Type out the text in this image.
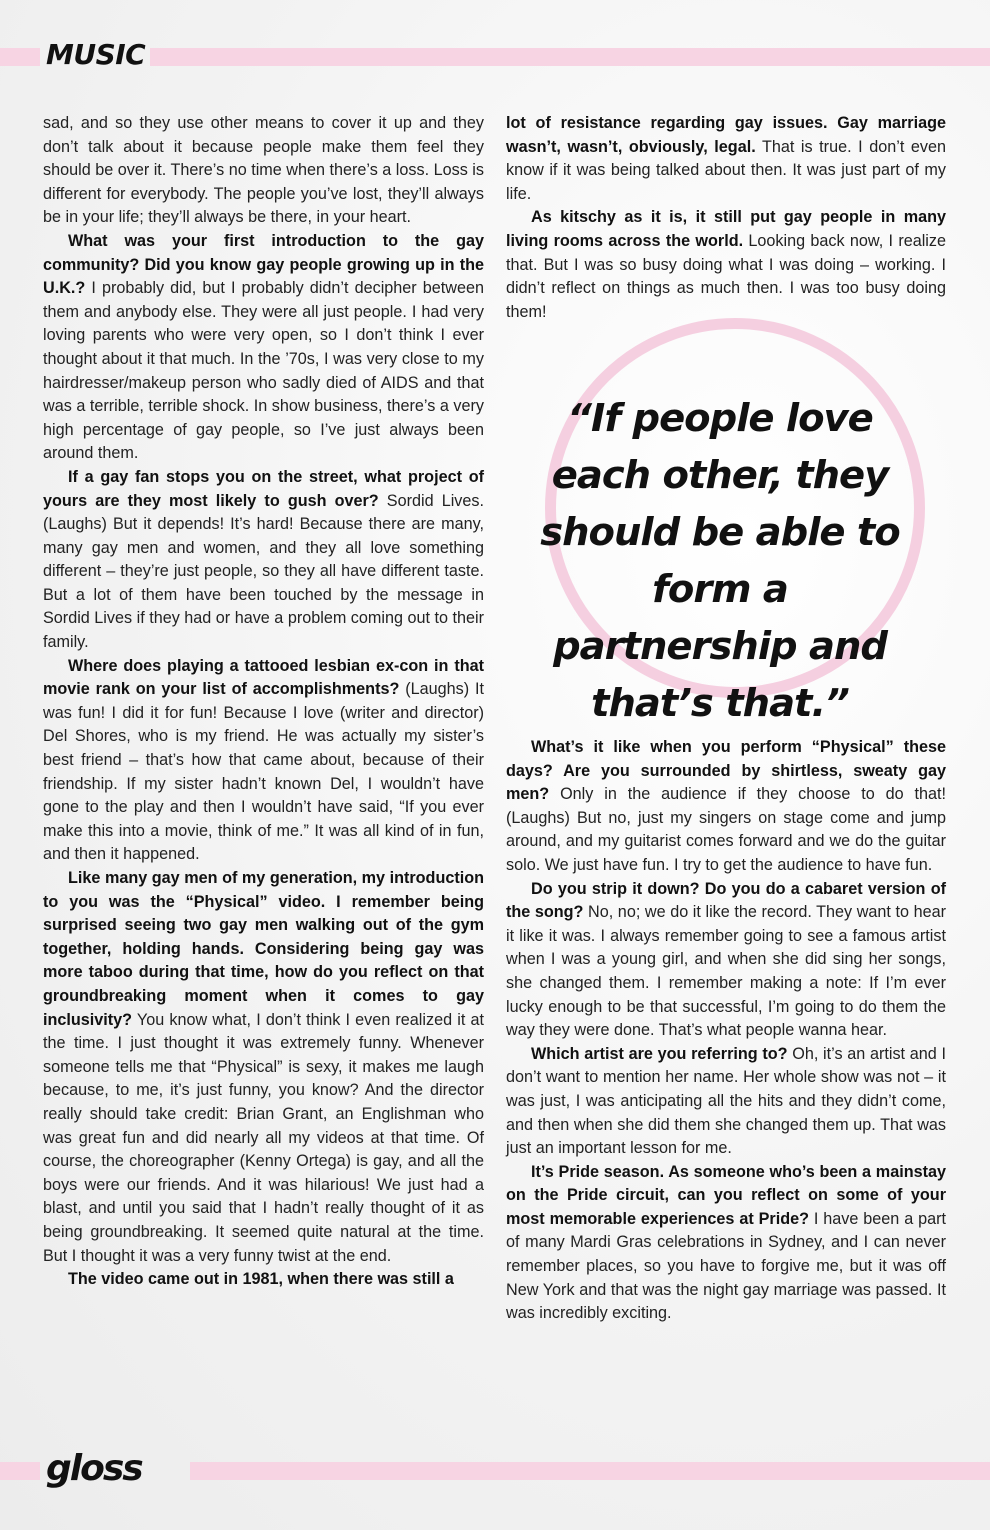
MUSIC

sad, and so they use other means to cover it up and they don’t talk about it because people make them feel they should be over it. There’s no time when there’s a loss. Loss is different for everybody. The people you’ve lost, they’ll always be in your life; they’ll always be there, in your heart.

What was your first introduction to the gay community? Did you know gay people growing up in the U.K.? I probably did, but I probably didn’t decipher between them and anybody else. They were all just people. I had very loving parents who were very open, so I don’t think I ever thought about it that much. In the ’70s, I was very close to my hairdresser/makeup person who sadly died of AIDS and that was a terrible, terrible shock. In show business, there’s a very high percentage of gay people, so I’ve just always been around them.

If a gay fan stops you on the street, what project of yours are they most likely to gush over? Sordid Lives. (Laughs) But it depends! It’s hard! Because there are many, many gay men and women, and they all love something different – they’re just people, so they all have different taste. But a lot of them have been touched by the message in Sordid Lives if they had or have a problem coming out to their family.

Where does playing a tattooed lesbian ex-con in that movie rank on your list of accomplishments? (Laughs) It was fun! I did it for fun! Because I love (writer and director) Del Shores, who is my friend. He was actually my sister’s best friend – that’s how that came about, because of their friendship. If my sister hadn’t known Del, I wouldn’t have gone to the play and then I wouldn’t have said, “If you ever make this into a movie, think of me.” It was all kind of in fun, and then it happened.

Like many gay men of my generation, my introduction to you was the “Physical” video. I remember being surprised seeing two gay men walking out of the gym together, holding hands. Considering being gay was more taboo during that time, how do you reflect on that groundbreaking moment when it comes to gay inclusivity? You know what, I don’t think I even realized it at the time. I just thought it was extremely funny. Whenever someone tells me that “Physical” is sexy, it makes me laugh because, to me, it’s just funny, you know? And the director really should take credit: Brian Grant, an Englishman who was great fun and did nearly all my videos at that time. Of course, the choreographer (Kenny Ortega) is gay, and all the boys were our friends. And it was hilarious! We just had a blast, and until you said that I hadn’t really thought of it as being groundbreaking. It seemed quite natural at the time. But I thought it was a very funny twist at the end.

The video came out in 1981, when there was still a

lot of resistance regarding gay issues. Gay marriage wasn’t, wasn’t, obviously, legal. That is true. I don’t even know if it was being talked about then. It was just part of my life.

As kitschy as it is, it still put gay people in many living rooms across the world. Looking back now, I realize that. But I was so busy doing what I was doing – working. I didn’t reflect on things as much then. I was too busy doing them!

“If people love each other, they should be able to form a partnership and that’s that.”

What’s it like when you perform “Physical” these days? Are you surrounded by shirtless, sweaty gay men? Only in the audience if they choose to do that! (Laughs) But no, just my singers on stage come and jump around, and my guitarist comes forward and we do the guitar solo. We just have fun. I try to get the audience to have fun.

Do you strip it down? Do you do a cabaret version of the song? No, no; we do it like the record. They want to hear it like it was. I always remember going to see a famous artist when I was a young girl, and when she did sing her songs, she changed them. I remember making a note: If I’m ever lucky enough to be that successful, I’m going to do them the way they were done. That’s what people wanna hear.

Which artist are you referring to? Oh, it’s an artist and I don’t want to mention her name. Her whole show was not – it was just, I was anticipating all the hits and they didn’t come, and then when she did them she changed them up. That was just an important lesson for me.

It’s Pride season. As someone who’s been a mainstay on the Pride circuit, can you reflect on some of your most memorable experiences at Pride? I have been a part of many Mardi Gras celebrations in Sydney, and I can never remember places, so you have to forgive me, but it was off New York and that was the night gay marriage was passed. It was incredibly exciting.

gloss
